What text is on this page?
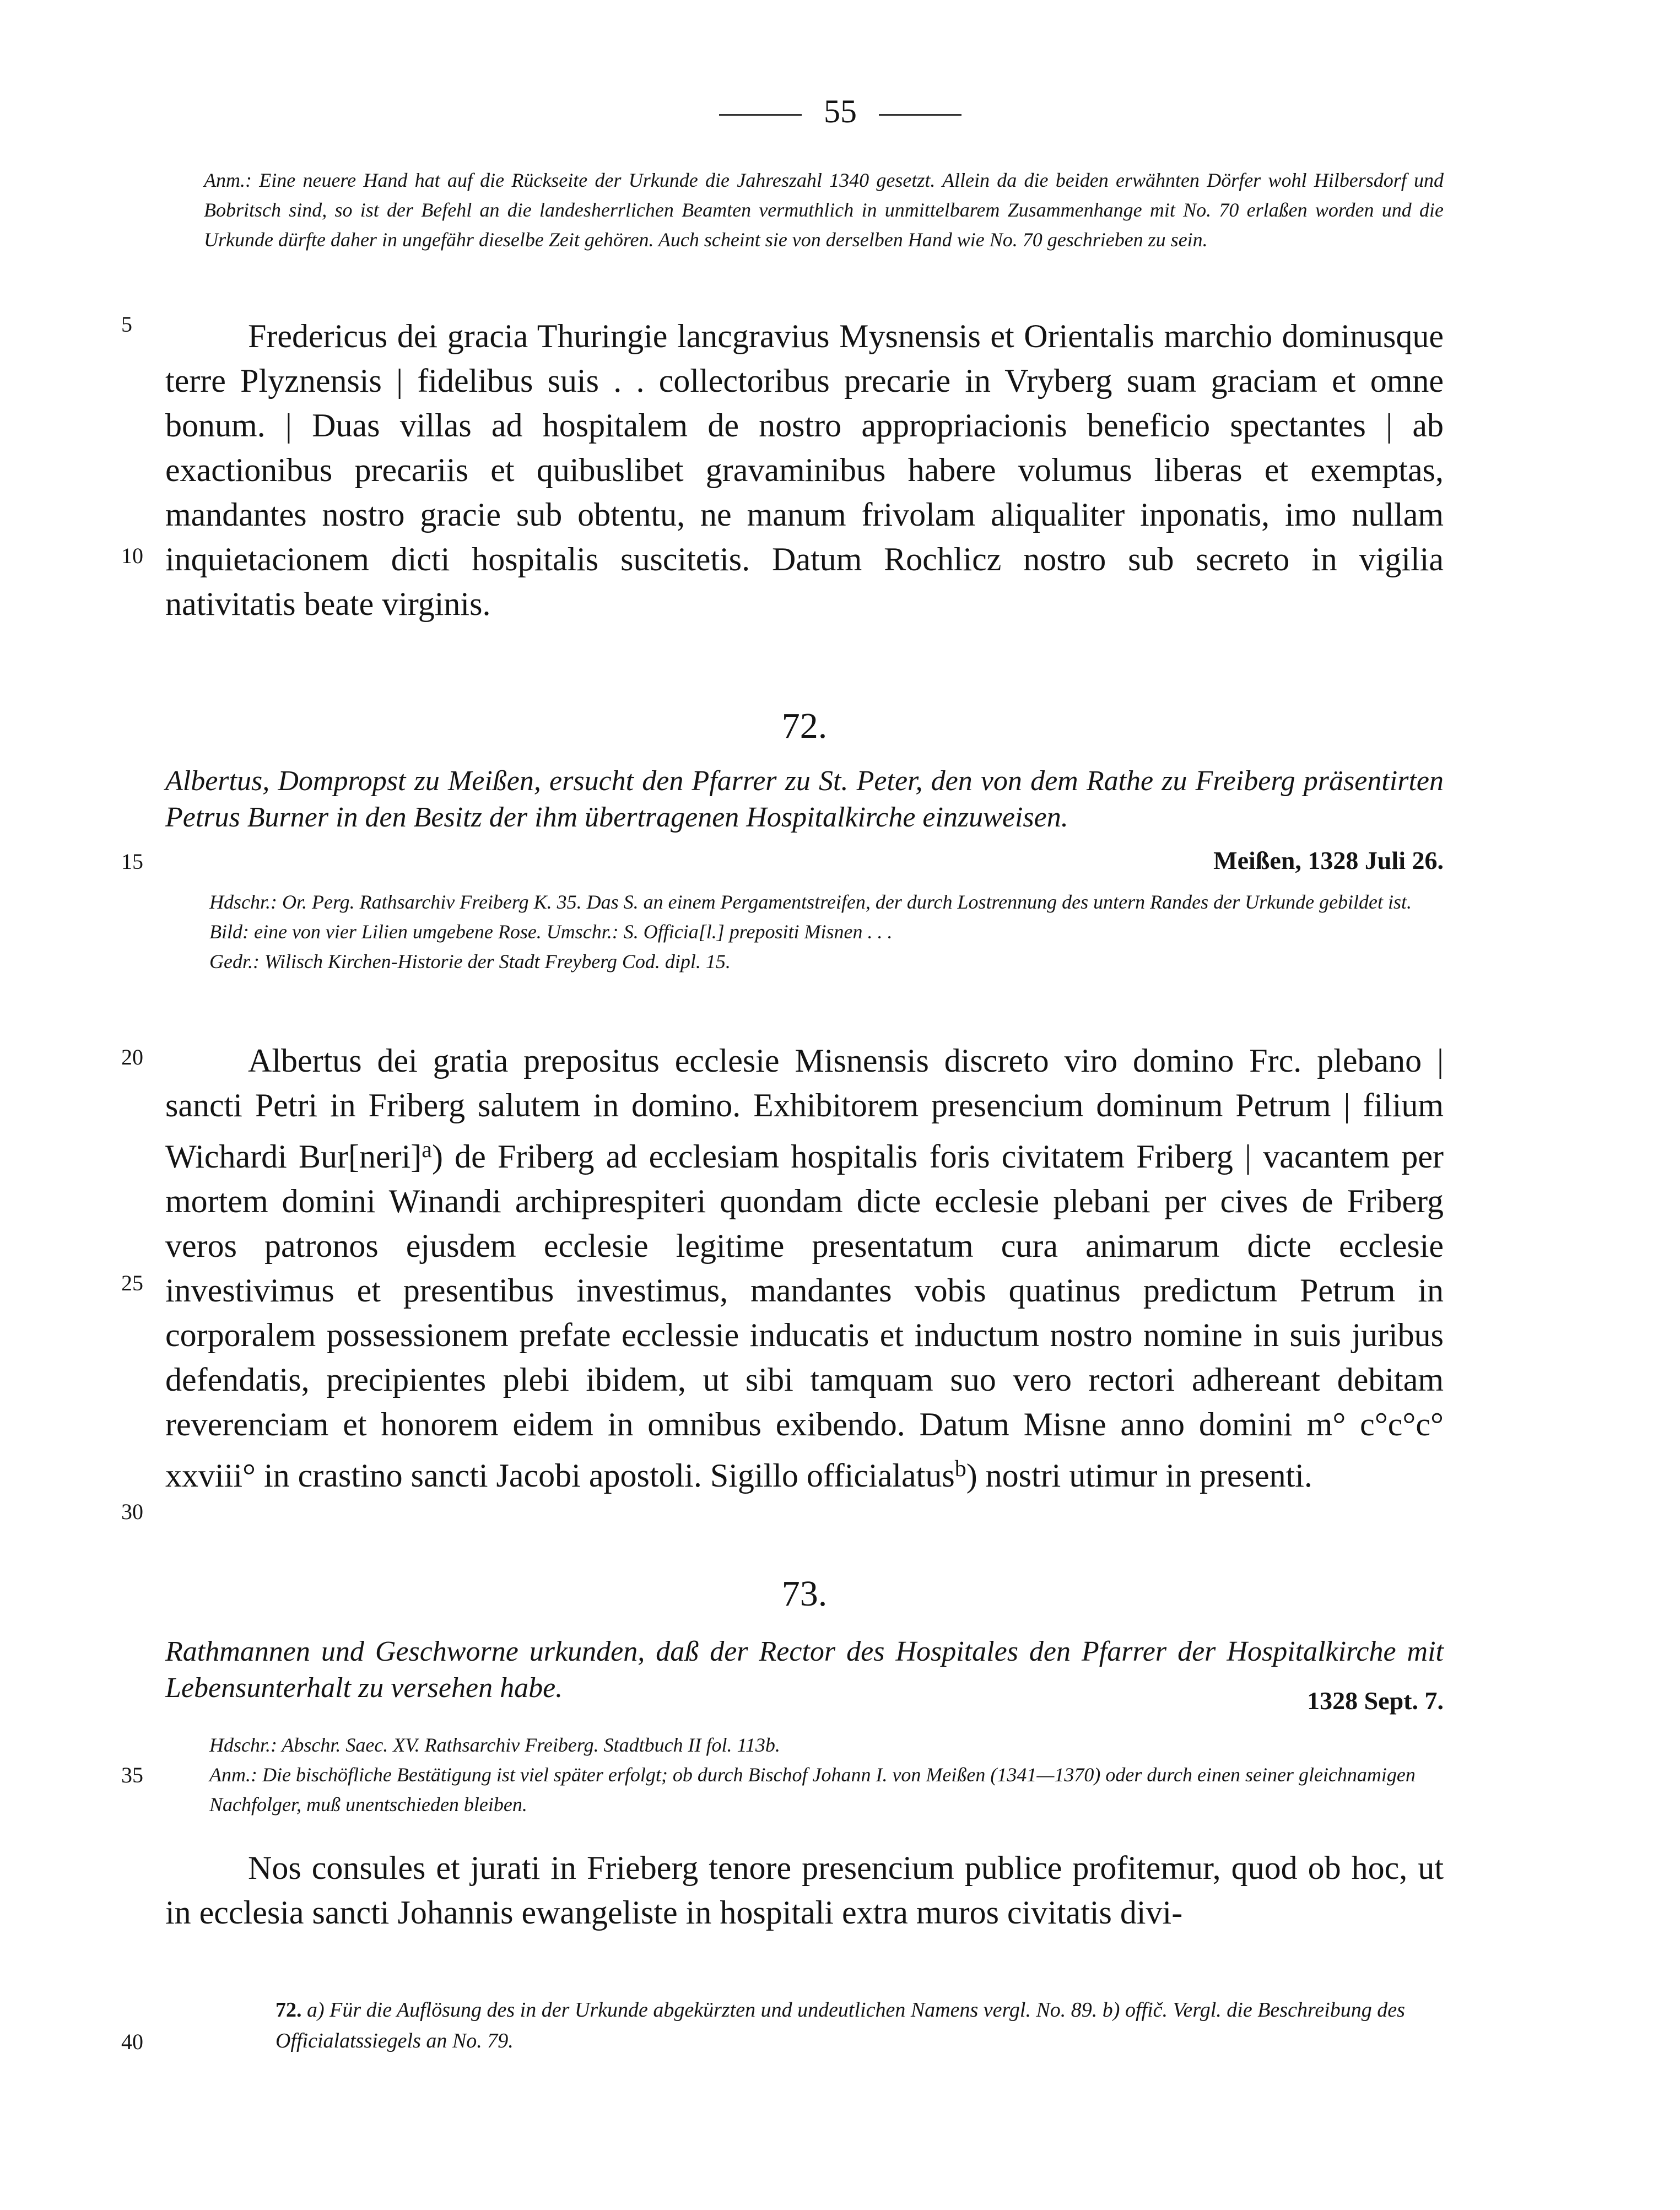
55
Anm.: Eine neuere Hand hat auf die Rückseite der Urkunde die Jahreszahl 1340 gesetzt. Allein da die beiden erwähnten Dörfer wohl Hilbersdorf und Bobritsch sind, so ist der Befehl an die landesherrlichen Beamten vermuthlich in unmittelbarem Zusammenhange mit No. 70 erlaßen worden und die Urkunde dürfte daher in ungefähr dieselbe Zeit gehören. Auch scheint sie von derselben Hand wie No. 70 geschrieben zu sein.
5	Fredericus dei gracia Thuringie lancgravius Mysnensis et Orientalis marchio dominusque terre Plyznensis | fidelibus suis . . collectoribus precarie in Vryberg suam graciam et omne bonum. | Duas villas ad hospitalem de nostro appropriacionis beneficio spectantes | ab exactionibus precariis et quibuslibet gravaminibus habere volumus liberas et exemptas, mandantes nostro gracie sub obtentu, ne manum frivolam aliqualiter inponatis, imo nullam inquietacionem dicti hospitalis suscitetis. Datum Rochlicz nostro sub secreto in vigilia nativitatis beate virginis.

10
72.
Albertus, Dompropst zu Meißen, ersucht den Pfarrer zu St. Peter, den von dem Rathe zu Freiberg präsentirten Petrus Burner in den Besitz der ihm übertragenen Hospitalkirche einzuweisen.
15	Meißen, 1328 Juli 26.
Hdschr.: Or. Perg. Rathsarchiv Freiberg K. 35. Das S. an einem Pergamentstreifen, der durch Lostrennung des untern Randes der Urkunde gebildet ist. Bild: eine von vier Lilien umgebene Rose. Umschr.: S. Officia[l.] prepositi Misnen . . .
Gedr.: Wilisch Kirchen-Historie der Stadt Freyberg Cod. dipl. 15.
20	Albertus dei gratia prepositus ecclesie Misnensis discreto viro domino Frc. plebano | sancti Petri in Friberg salutem in domino. Exhibitorem presencium dominum Petrum | filium Wichardi Bur[neri]$^a$) de Friberg ad ecclesiam hospitalis foris civitatem Friberg | vacantem per mortem domini Winandi archiprespiteri quondam dicte ecclesie plebani per cives de Friberg veros patronos ejusdem ecclesie legitime presentatum cura animarum dicte ecclesie investivimus et presentibus investimus, mandantes vobis quatinus predictum Petrum in corporalem possessionem prefate ecclessie inducatis et inductum nostro nomine in suis juribus defendatis, precipientes plebi ibidem, ut sibi tamquam suo vero rectori adhereant debitam reverenciam et honorem eidem in omnibus exibendo. Datum Misne anno domini m° c°c°c° xxviii° in crastino sancti Jacobi apostoli. Sigillo officialatus$^b$) nostri utimur in presenti.

25
30
73.
Rathmannen und Geschworne urkunden, daß der Rector des Hospitales den Pfarrer der Hospitalkirche mit Lebensunterhalt zu versehen habe.	1328 Sept. 7.
Hdschr.: Abschr. Saec. XV. Rathsarchiv Freiberg. Stadtbuch II fol. 113b.
Anm.: Die bischöfliche Bestätigung ist viel später erfolgt; ob durch Bischof Johann I. von Meißen (1341—1370) oder durch einen seiner gleichnamigen Nachfolger, muß unentschieden bleiben.
35

Nos consules et jurati in Frieberg tenore presencium publice profitemur, quod ob hoc, ut in ecclesia sancti Johannis ewangeliste in hospitali extra muros civitatis divi-

72. a) Für die Auflösung des in der Urkunde abgekürzten und undeutlichen Namens vergl. No. 89. b) offič. Vergl. die Beschreibung des Officialatssiegels an No. 79.
40
